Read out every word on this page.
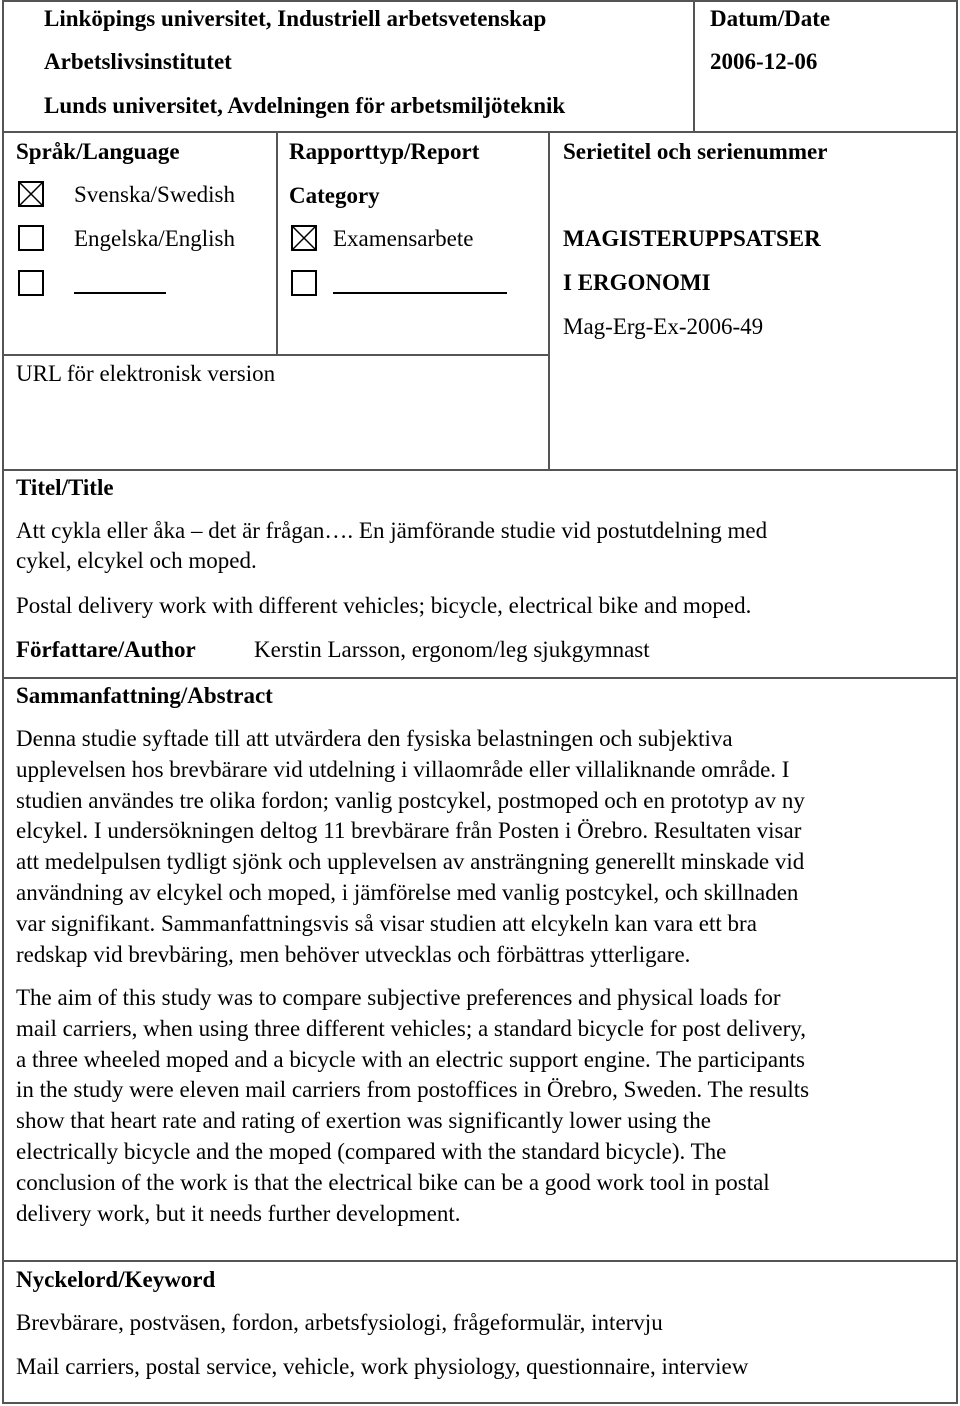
Linköpings universitet, Industriell arbetsvetenskap
Arbetslivsinstitutet
Lunds universitet, Avdelningen för arbetsmiljöteknik
Datum/Date
2006-12-06
Språk/Language
Svenska/Swedish
Engelska/English
Rapporttyp/Report
Category
Examensarbete
Serietitel och serienummer
MAGISTERUPPSATSER
I ERGONOMI
Mag-Erg-Ex-2006-49
URL för elektronisk version
Titel/Title
Att cykla eller åka – det är frågan…. En jämförande studie vid postutdelning med
cykel, elcykel och moped.
Postal delivery work with different vehicles; bicycle, electrical bike and moped.
Författare/Author	Kerstin Larsson, ergonom/leg sjukgymnast
Sammanfattning/Abstract
Denna studie syftade till att utvärdera den fysiska belastningen och subjektiva
upplevelsen hos brevbärare vid utdelning i villaområde eller villaliknande område. I
studien användes tre olika fordon; vanlig postcykel, postmoped och en prototyp av ny
elcykel. I undersökningen deltog 11 brevbärare från Posten i Örebro. Resultaten visar
att medelpulsen tydligt sjönk och upplevelsen av ansträngning generellt minskade vid
användning av elcykel och moped, i jämförelse med vanlig postcykel, och skillnaden
var signifikant. Sammanfattningsvis så visar studien att elcykeln kan vara ett bra
redskap vid brevbäring, men behöver utvecklas och förbättras ytterligare.
The aim of this study was to compare subjective preferences and physical loads for
mail carriers, when using three different vehicles; a standard bicycle for post delivery,
a three wheeled moped and a bicycle with an electric support engine. The participants
in the study were eleven mail carriers from postoffices in Örebro, Sweden. The results
show that heart rate and rating of exertion was significantly lower using the
electrically bicycle and the moped (compared with the standard bicycle). The
conclusion of the work is that the electrical bike can be a good work tool in postal
delivery work, but it needs further development.
Nyckelord/Keyword
Brevbärare, postväsen, fordon, arbetsfysiologi, frågeformulär, intervju
Mail carriers, postal service, vehicle, work physiology, questionnaire, interview
